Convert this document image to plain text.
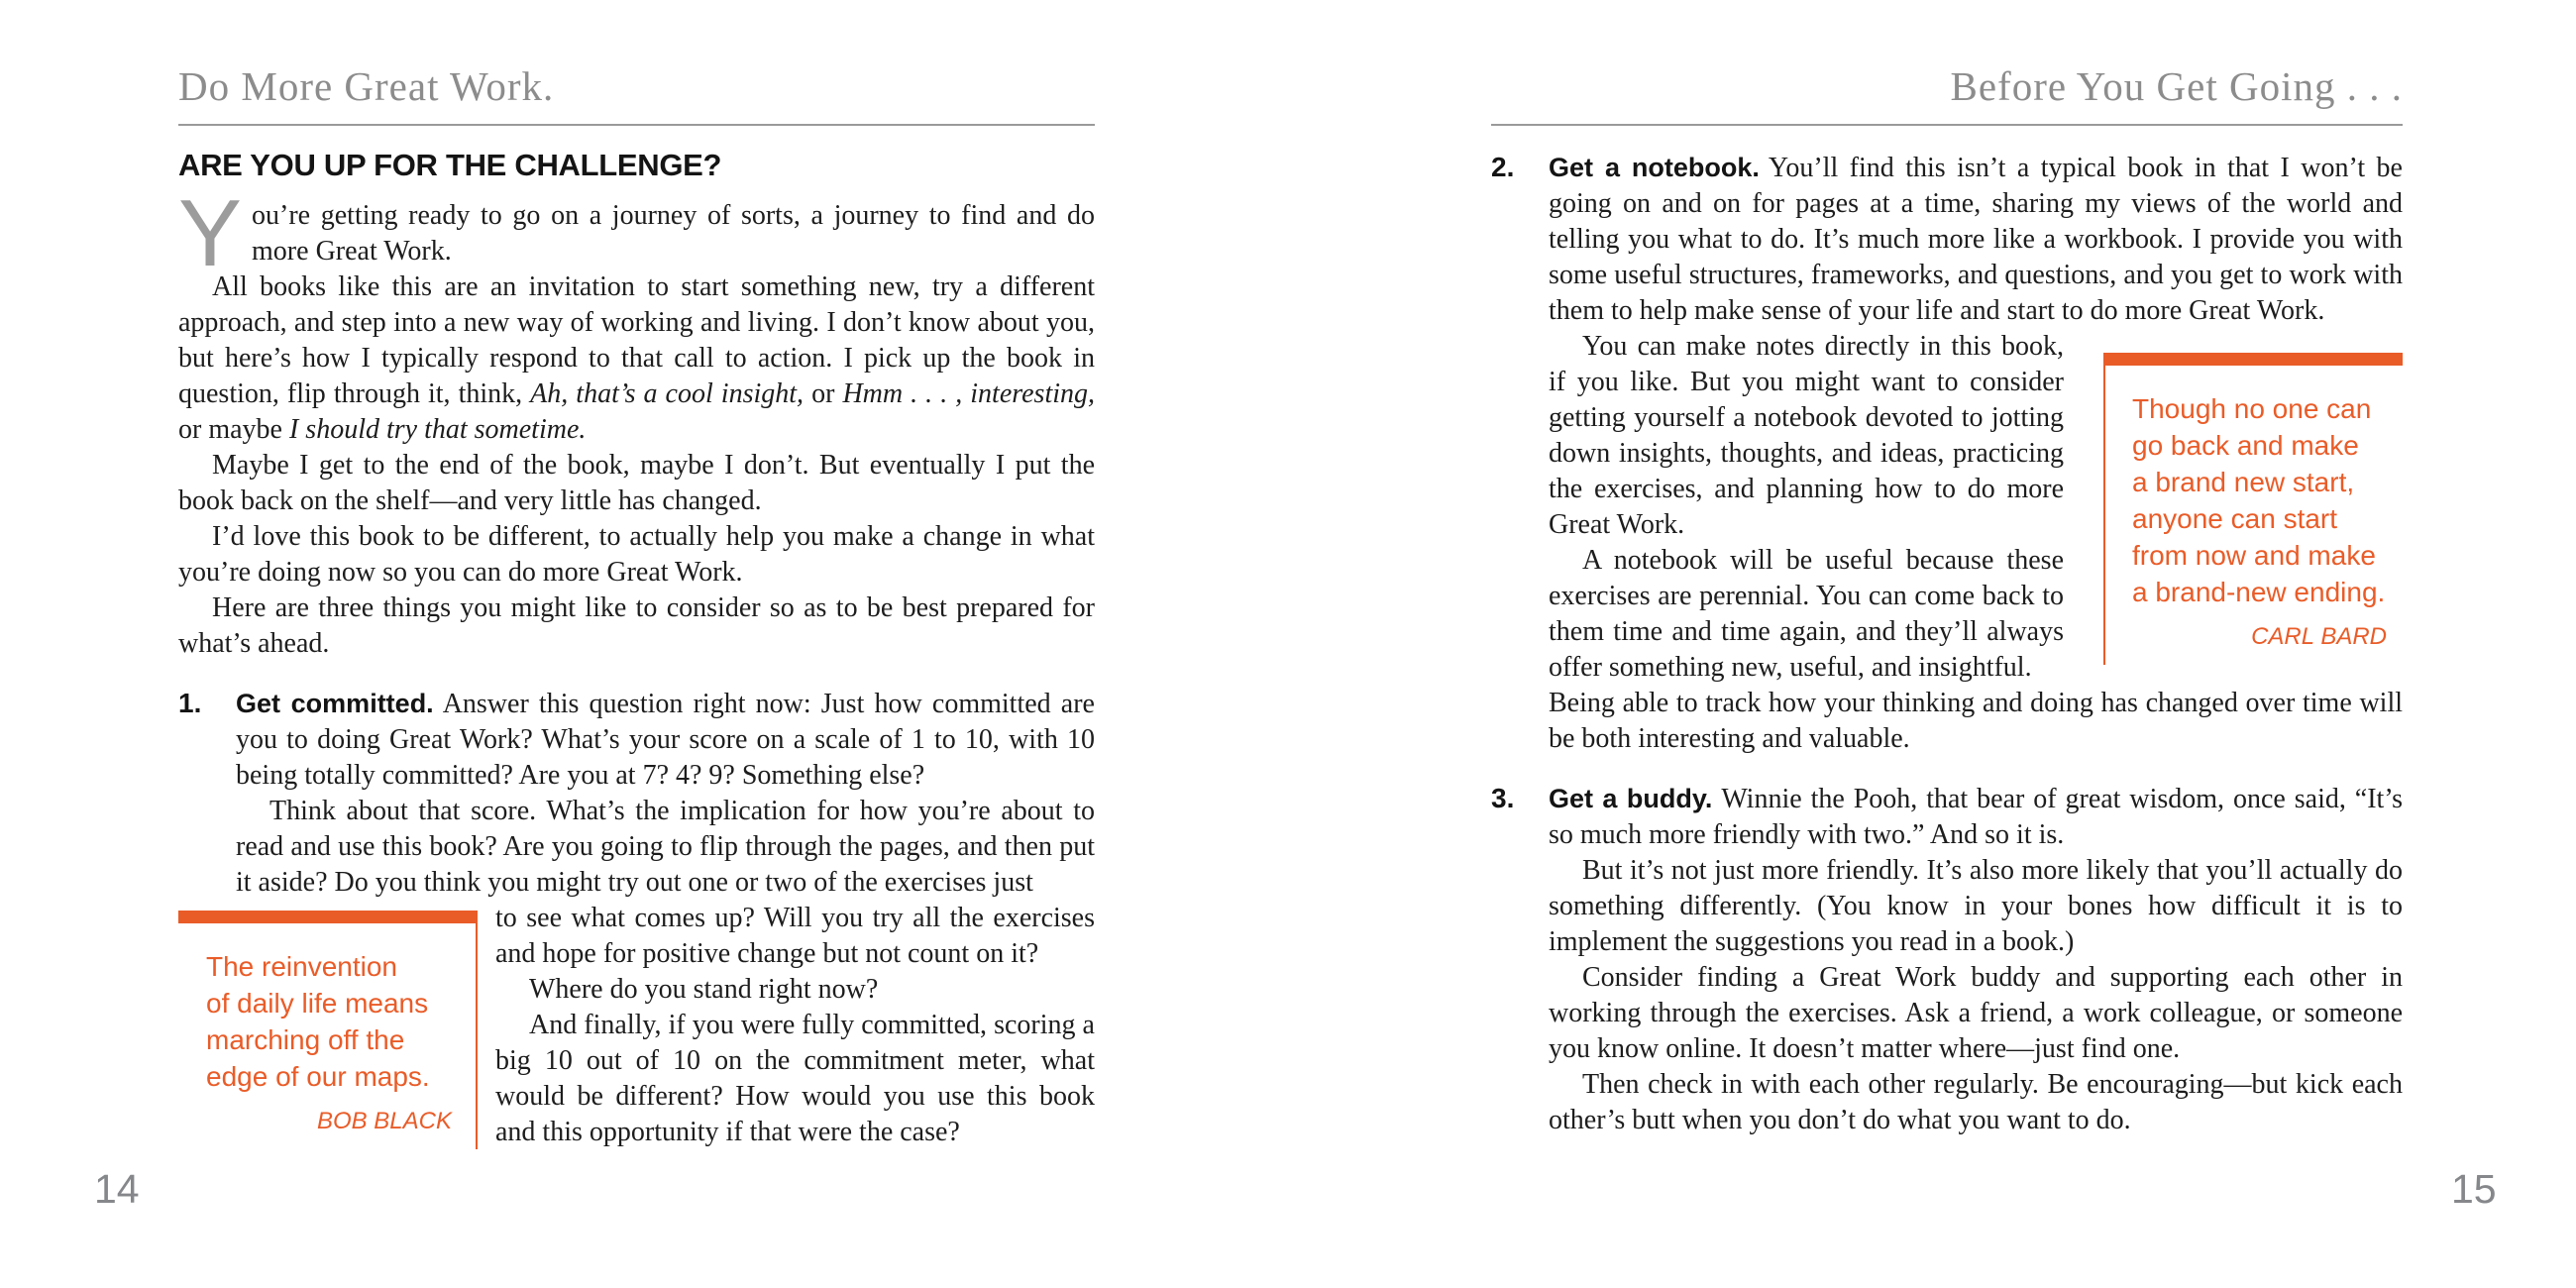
Do More Great Work.
ARE YOU UP FOR THE CHALLENGE?

You’re getting ready to go on a journey of sorts, a journey to find and do more Great Work.

All books like this are an invitation to start something new, try a different approach, and step into a new way of working and living. I don’t know about you, but here’s how I typically respond to that call to action. I pick up the book in question, flip through it, think, Ah, that’s a cool insight, or Hmm . . . , interesting, or maybe I should try that sometime.

Maybe I get to the end of the book, maybe I don’t. But eventually I put the book back on the shelf—and very little has changed.

I’d love this book to be different, to actually help you make a change in what you’re doing now so you can do more Great Work.

Here are three things you might like to consider so as to be best prepared for what’s ahead.

1.	Get committed. Answer this question right now: Just how committed are you to doing Great Work? What’s your score on a scale of 1 to 10, with 10 being totally committed? Are you at 7? 4? 9? Something else?

Think about that score. What’s the implication for how you’re about to read and use this book? Are you going to flip through the pages, and then put it aside? Do you think you might try out one or two of the exercises just

The reinvention
of daily life means
marching off the
edge of our maps.
BOB BLACK

to see what comes up? Will you try all the exercises and hope for positive change but not count on it?

Where do you stand right now?

And finally, if you were fully committed, scoring a big 10 out of 10 on the commitment meter, what would be different? How would you use this book and this opportunity if that were the case?

Before You Get Going . . .
2.	Get a notebook. You’ll find this isn’t a typical book in that I won’t be going on and on for pages at a time, sharing my views of the world and telling you what to do. It’s much more like a workbook. I provide you with some useful structures, frameworks, and questions, and you get to work with them to help make sense of your life and start to do more Great Work.

You can make notes directly in this book, if you like. But you might want to consider getting yourself a notebook devoted to jotting down insights, thoughts, and ideas, practicing the exercises, and planning how to do more Great Work.

A notebook will be useful because these exercises are perennial. You can come back to them time and time again, and they’ll always offer something new, useful, and insightful.

Though no one can
go back and make
a brand new start,
anyone can start
from now and make
a brand-new ending.
CARL BARD

Being able to track how your thinking and doing has changed over time will be both interesting and valuable.

3.	Get a buddy. Winnie the Pooh, that bear of great wisdom, once said, “It’s so much more friendly with two.” And so it is.

But it’s not just more friendly. It’s also more likely that you’ll actually do something differently. (You know in your bones how difficult it is to implement the suggestions you read in a book.)

Consider finding a Great Work buddy and supporting each other in working through the exercises. Ask a friend, a work colleague, or someone you know online. It doesn’t matter where—just find one.

Then check in with each other regularly. Be encouraging—but kick each other’s butt when you don’t do what you want to do.

14	15
